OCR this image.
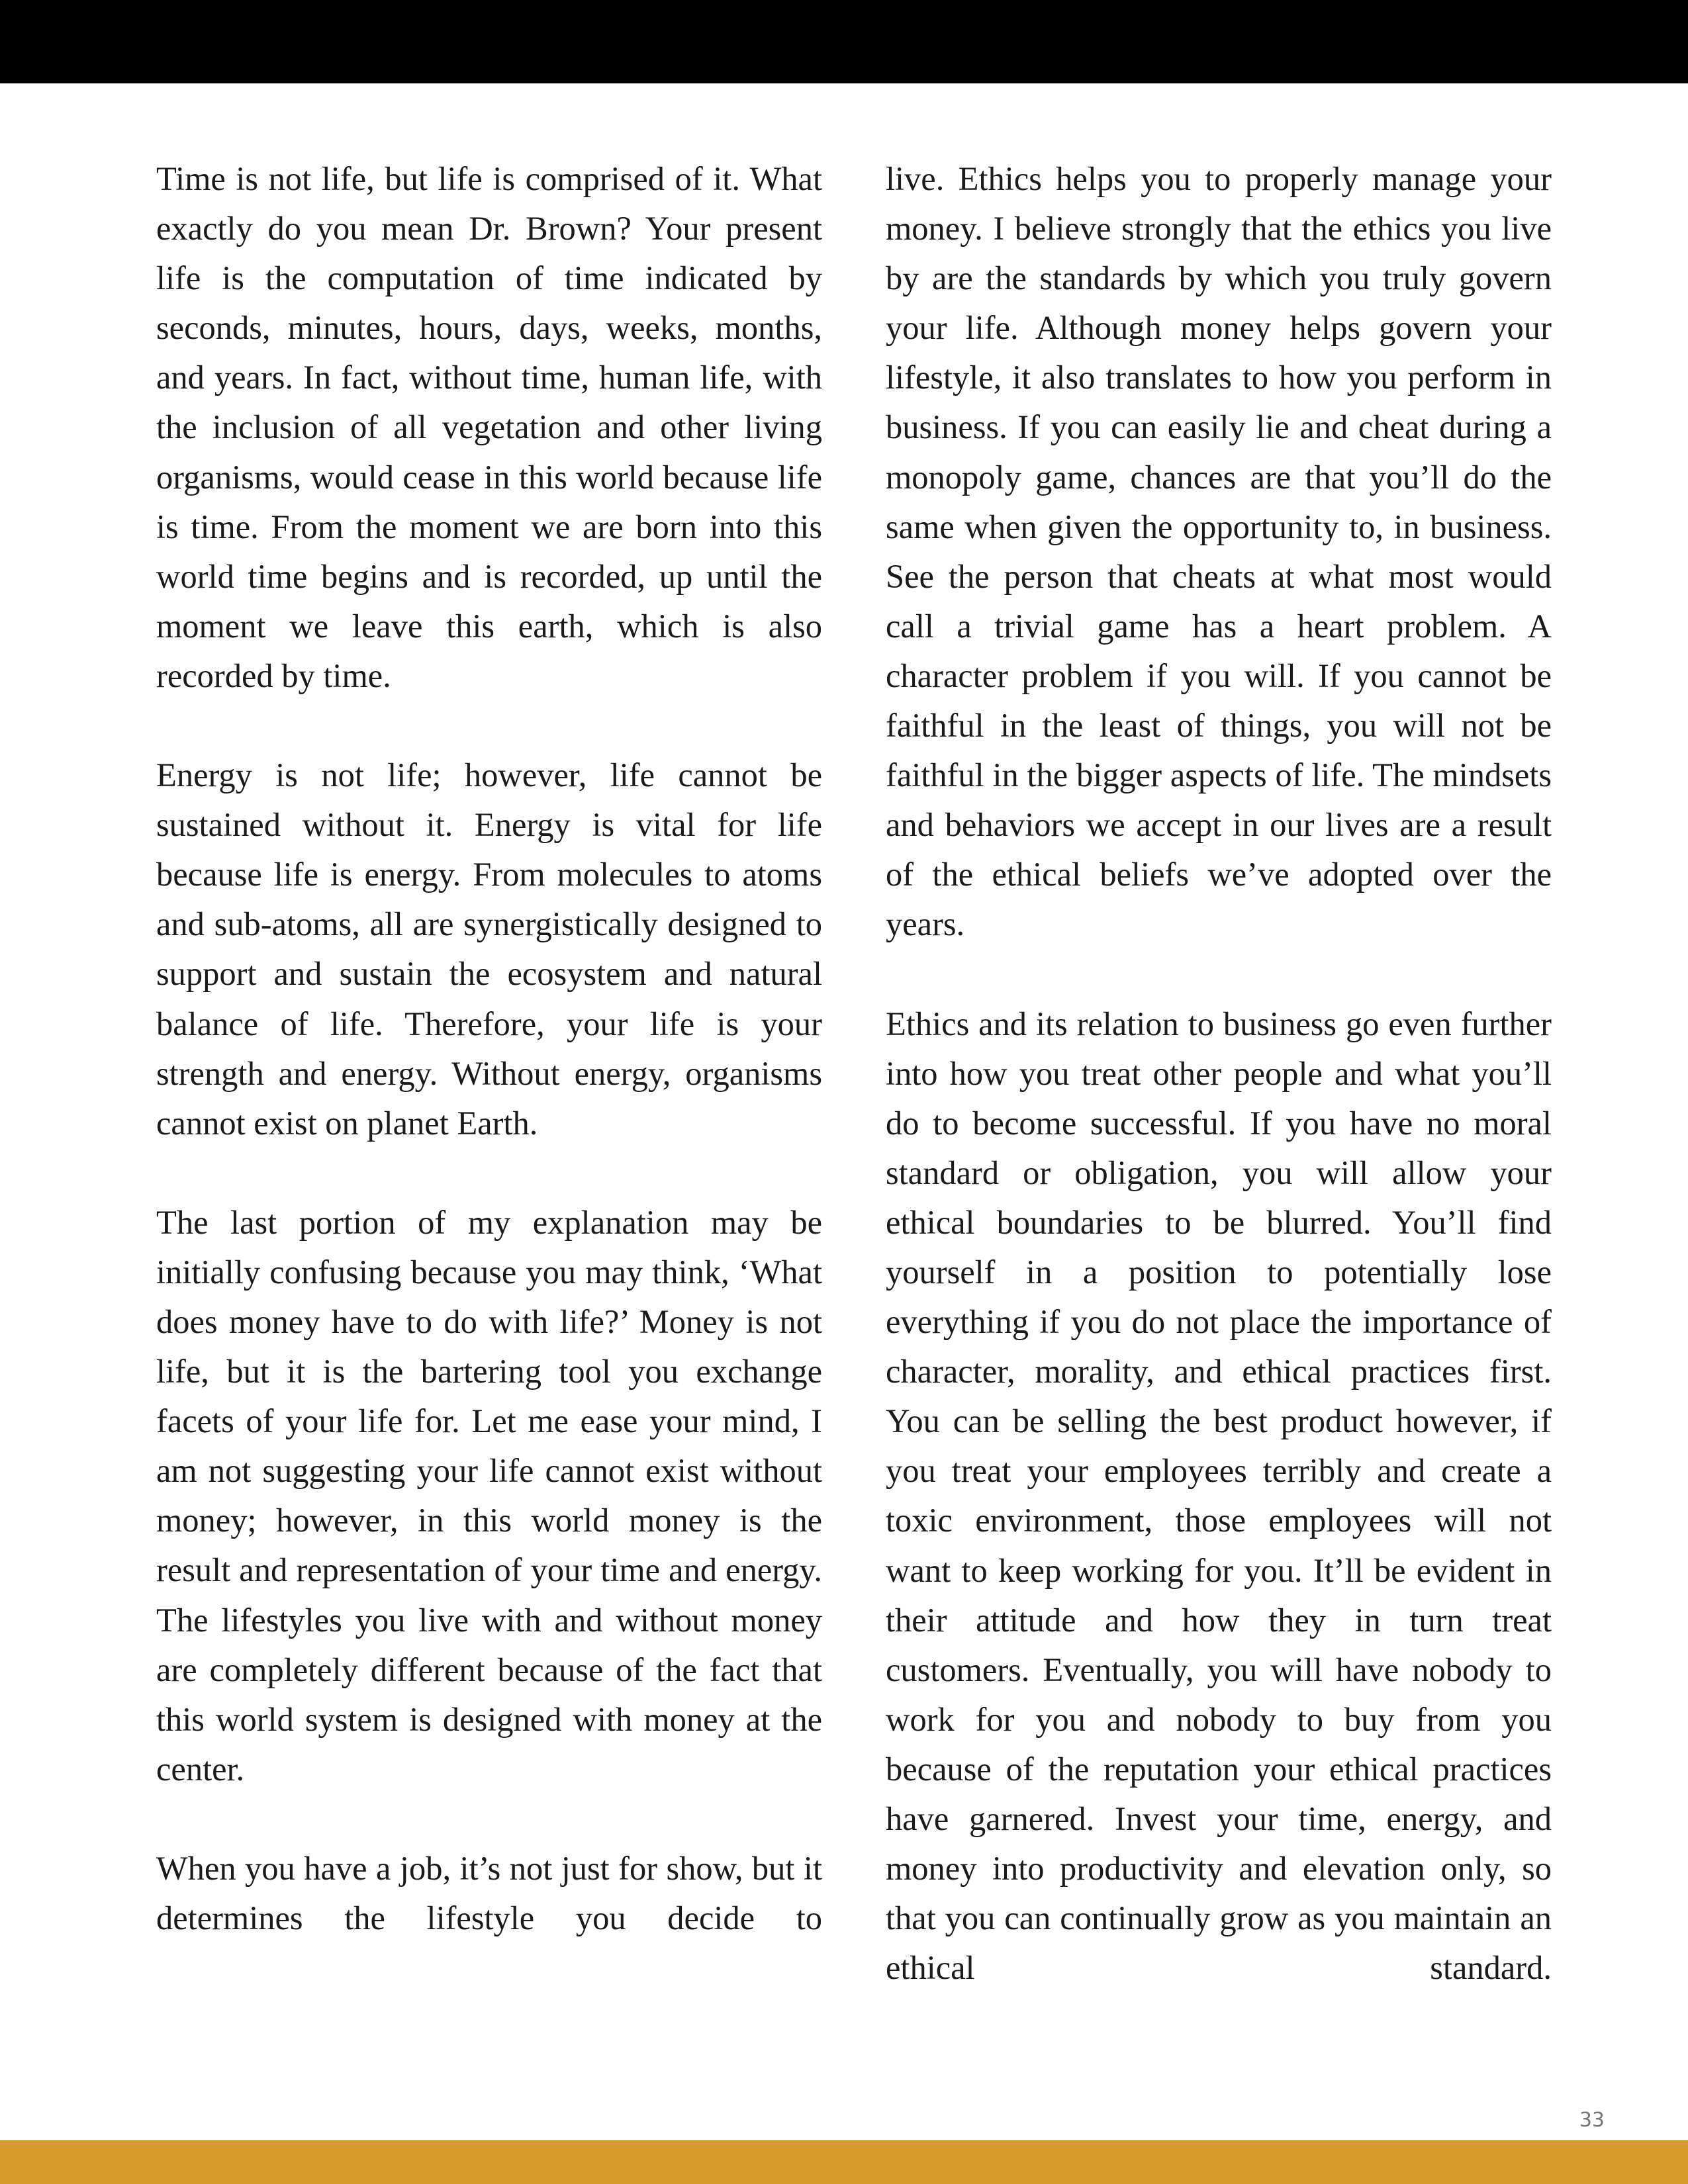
Time is not life, but life is comprised of it. What exactly do you mean Dr. Brown? Your present life is the computation of time indicated by seconds, minutes, hours, days, weeks, months, and years. In fact, without time, human life, with the inclusion of all vegetation and other living organisms, would cease in this world because life is time. From the moment we are born into this world time begins and is recorded, up until the moment we leave this earth, which is also recorded by time.

Energy is not life; however, life cannot be sustained without it. Energy is vital for life because life is energy. From molecules to atoms and sub-atoms, all are synergistically designed to support and sustain the ecosystem and natural balance of life. Therefore, your life is your strength and energy. Without energy, organisms cannot exist on planet Earth.

The last portion of my explanation may be initially confusing because you may think, ‘What does money have to do with life?’ Money is not life, but it is the bartering tool you exchange facets of your life for. Let me ease your mind, I am not suggesting your life cannot exist without money; however, in this world money is the result and representation of your time and energy. The lifestyles you live with and without money are completely different because of the fact that this world system is designed with money at the center.

When you have a job, it’s not just for show, but it determines the lifestyle you decide to

live. Ethics helps you to properly manage your money. I believe strongly that the ethics you live by are the standards by which you truly govern your life. Although money helps govern your lifestyle, it also translates to how you perform in business. If you can easily lie and cheat during a monopoly game, chances are that you’ll do the same when given the opportunity to, in business. See the person that cheats at what most would call a trivial game has a heart problem. A character problem if you will. If you cannot be faithful in the least of things, you will not be faithful in the bigger aspects of life. The mindsets and behaviors we accept in our lives are a result of the ethical beliefs we’ve adopted over the years.

Ethics and its relation to business go even further into how you treat other people and what you’ll do to become successful. If you have no moral standard or obligation, you will allow your ethical boundaries to be blurred. You’ll find yourself in a position to potentially lose everything if you do not place the importance of character, morality, and ethical practices first. You can be selling the best product however, if you treat your employees terribly and create a toxic environment, those employees will not want to keep working for you. It’ll be evident in their attitude and how they in turn treat customers. Eventually, you will have nobody to work for you and nobody to buy from you because of the reputation your ethical practices have garnered. Invest your time, energy, and money into productivity and elevation only, so that you can continually grow as you maintain an ethical standard.

33
